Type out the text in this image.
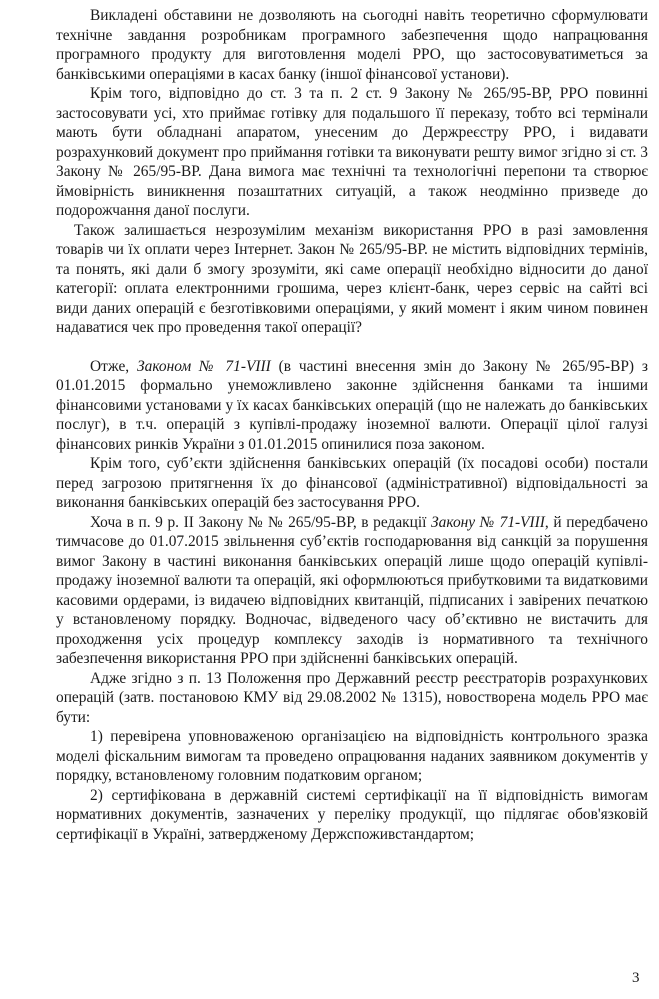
Викладені обставини не дозволяють на сьогодні навіть теоретично сформулювати технічне завдання розробникам програмного забезпечення щодо напрацювання програмного продукту для виготовлення моделі РРО, що застосовуватиметься за банківськими операціями в касах банку (іншої фінансової установи).

Крім того, відповідно до ст. 3 та п. 2 ст. 9 Закону № 265/95-ВР, РРО повинні застосовувати усі, хто приймає готівку для подальшого її переказу, тобто всі термінали мають бути обладнані апаратом, унесеним до Держреєстру РРО, і видавати розрахунковий документ про приймання готівки та виконувати решту вимог згідно зі ст. 3 Закону № 265/95-ВР. Дана вимога має технічні та технологічні перепони та створює ймовірність виникнення позаштатних ситуацій, а також неодмінно призведе до подорожчання даної послуги.

Також залишається незрозумілим механізм використання РРО в разі замовлення товарів чи їх оплати через Інтернет. Закон № 265/95-ВР. не містить відповідних термінів, та понять, які дали б змогу зрозуміти, які саме операції необхідно відносити до даної категорії: оплата електронними грошима, через клієнт-банк, через сервіс на сайті всі види даних операцій є безготівковими операціями, у який момент і яким чином повинен надаватися чек про проведення такої операції?

Отже, Законом № 71-VIII (в частині внесення змін до Закону № 265/95-ВР) з 01.01.2015 формально унеможливлено законне здійснення банками та іншими фінансовими установами у їх касах банківських операцій (що не належать до банківських послуг), в т.ч. операцій з купівлі-продажу іноземної валюти. Операції цілої галузі фінансових ринків України з 01.01.2015 опинилися поза законом.

Крім того, суб’єкти здійснення банківських операцій (їх посадові особи) постали перед загрозою притягнення їх до фінансової (адміністративної) відповідальності за виконання банківських операцій без застосування РРО.

Хоча в п. 9 р. II Закону № № 265/95-ВР, в редакції Закону № 71-VIII, й передбачено тимчасове до 01.07.2015 звільнення суб’єктів господарювання від санкцій за порушення вимог Закону в частині виконання банківських операцій лише щодо операцій купівлі-продажу іноземної валюти та операцій, які оформлюються прибутковими та видатковими касовими ордерами, із видачею відповідних квитанцій, підписаних і завірених печаткою у встановленому порядку. Водночас, відведеного часу об’єктивно не вистачить для проходження усіх процедур комплексу заходів із нормативного та технічного забезпечення використання РРО при здійсненні банківських операцій.

Адже згідно з п. 13 Положення про Державний реєстр реєстраторів розрахункових операцій (затв. постановою КМУ від 29.08.2002 № 1315), новостворена модель РРО має бути:

1) перевірена уповноваженою організацією на відповідність контрольного зразка моделі фіскальним вимогам та проведено опрацювання наданих заявником документів у порядку, встановленому головним податковим органом;

2) сертифікована в державній системі сертифікації на її відповідність вимогам нормативних документів, зазначених у переліку продукції, що підлягає обов'язковій сертифікації в Україні, затвердженому Держспоживстандартом;

3
